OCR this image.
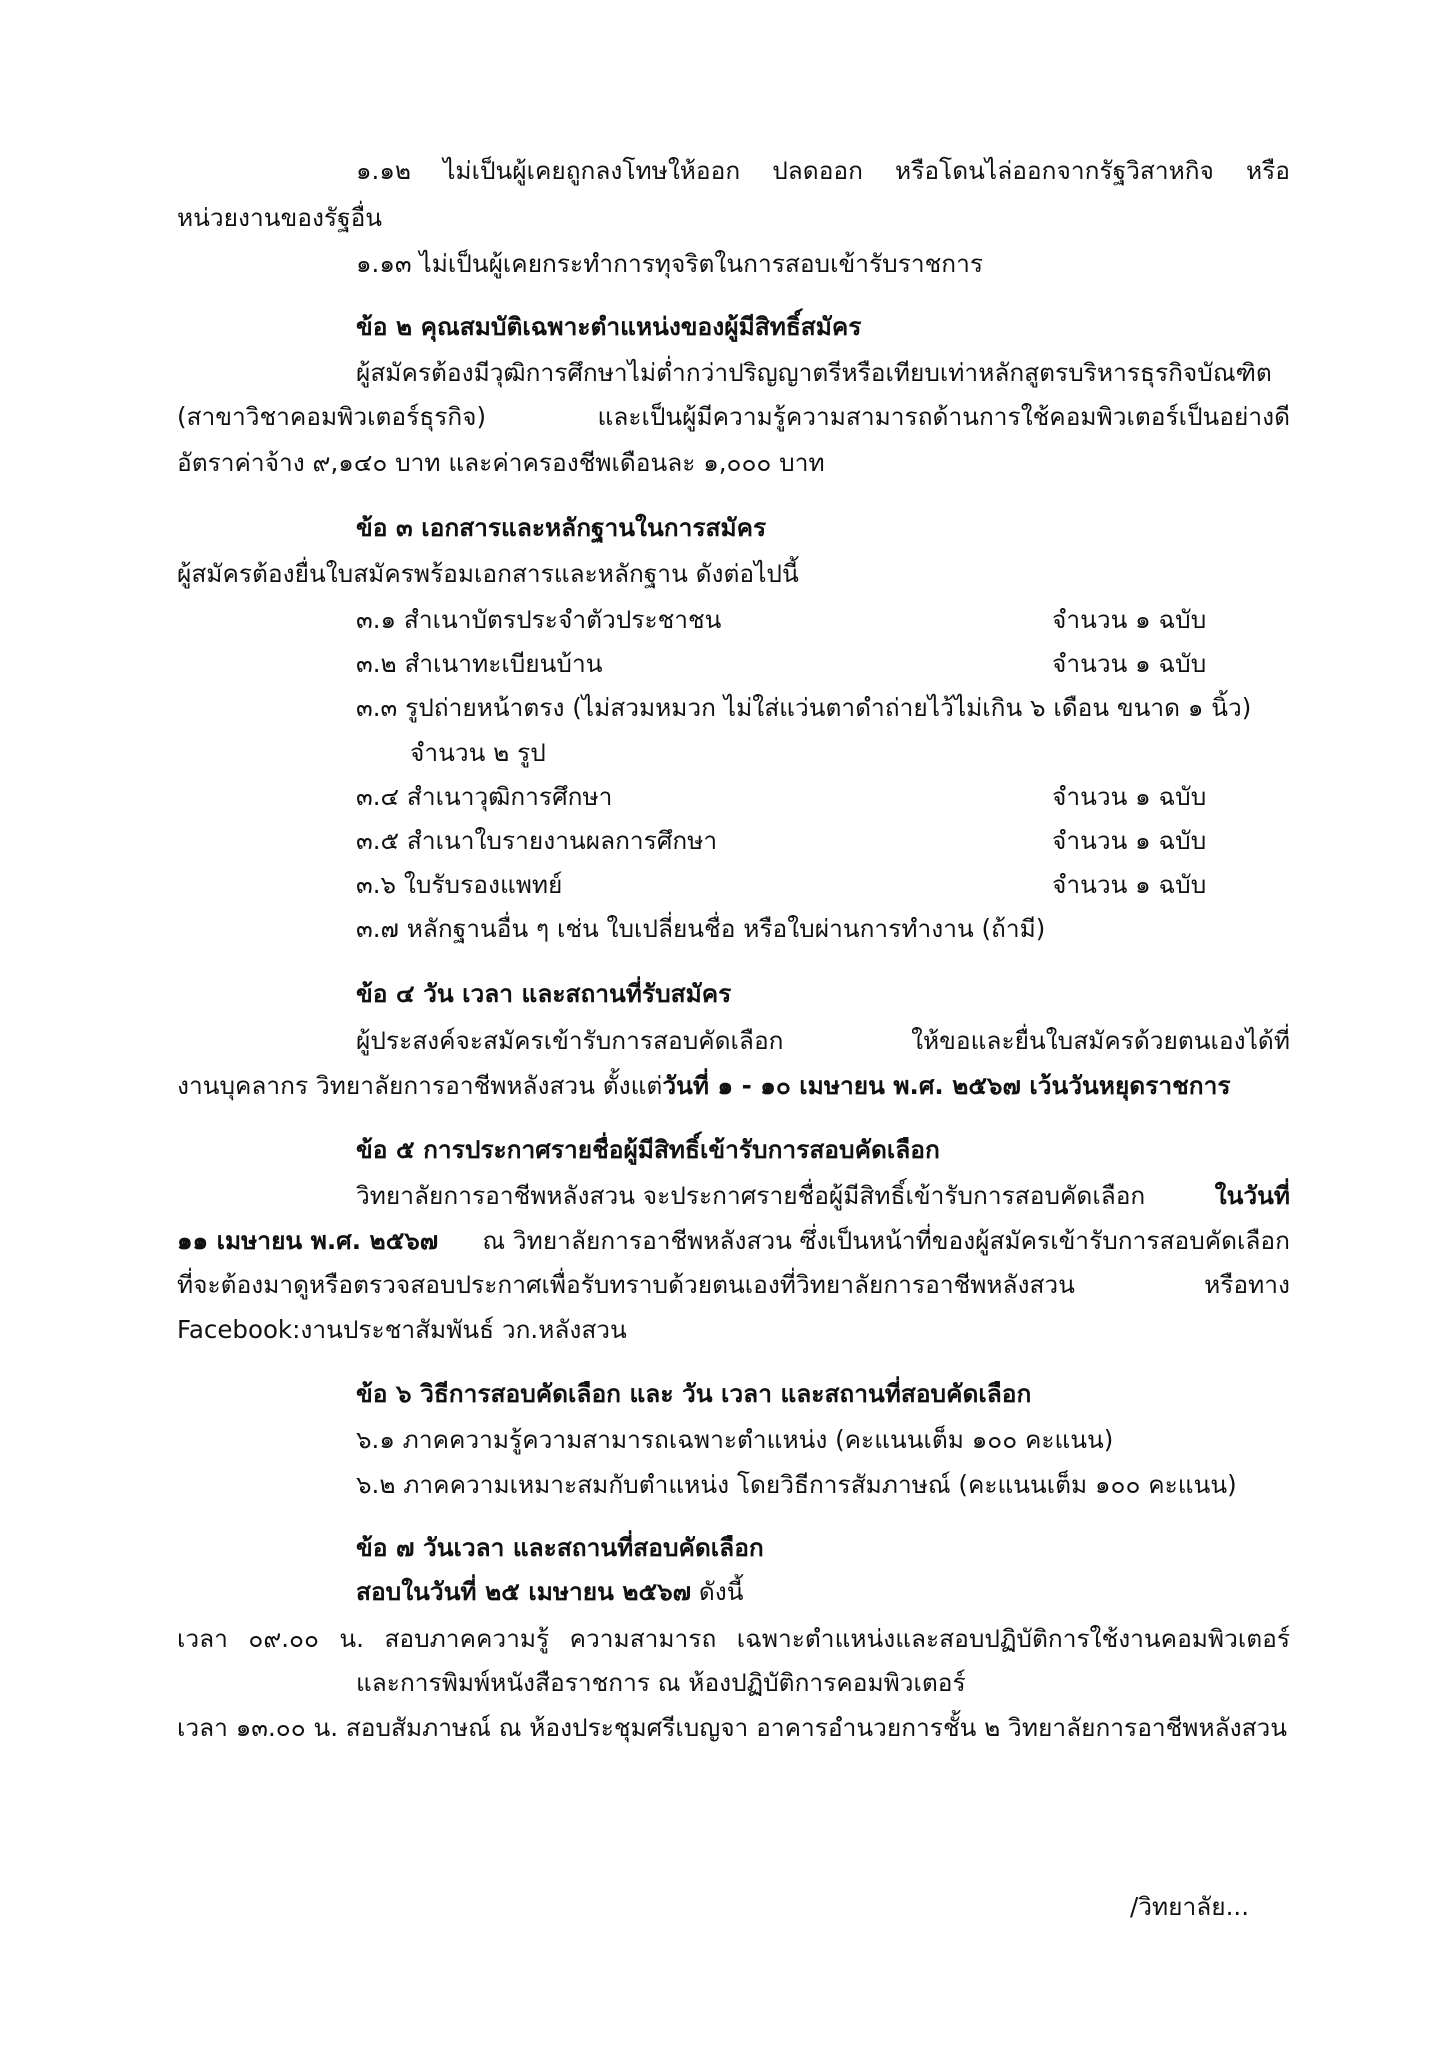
๑.๑๒ ไม่เป็นผู้เคยถูกลงโทษให้ออก ปลดออก หรือโดนไล่ออกจากรัฐวิสาหกิจ หรือ
หน่วยงานของรัฐอื่น
๑.๑๓ ไม่เป็นผู้เคยกระทำการทุจริตในการสอบเข้ารับราชการ
ข้อ ๒ คุณสมบัติเฉพาะตำแหน่งของผู้มีสิทธิ์สมัคร
ผู้สมัครต้องมีวุฒิการศึกษาไม่ต่ำกว่าปริญญาตรีหรือเทียบเท่าหลักสูตรบริหารธุรกิจบัณฑิต
(สาขาวิชาคอมพิวเตอร์ธุรกิจ) และเป็นผู้มีความรู้ความสามารถด้านการใช้คอมพิวเตอร์เป็นอย่างดี
อัตราค่าจ้าง ๙,๑๔๐ บาท และค่าครองชีพเดือนละ ๑,๐๐๐ บาท
ข้อ ๓ เอกสารและหลักฐานในการสมัคร
ผู้สมัครต้องยื่นใบสมัครพร้อมเอกสารและหลักฐาน ดังต่อไปนี้
๓.๑ สำเนาบัตรประจำตัวประชาชน	จำนวน ๑ ฉบับ
๓.๒ สำเนาทะเบียนบ้าน	จำนวน ๑ ฉบับ
๓.๓ รูปถ่ายหน้าตรง (ไม่สวมหมวก ไม่ใส่แว่นตาดำถ่ายไว้ไม่เกิน ๖ เดือน ขนาด ๑ นิ้ว)
จำนวน ๒ รูป
๓.๔ สำเนาวุฒิการศึกษา	จำนวน ๑ ฉบับ
๓.๕ สำเนาใบรายงานผลการศึกษา	จำนวน ๑ ฉบับ
๓.๖ ใบรับรองแพทย์	จำนวน ๑ ฉบับ
๓.๗ หลักฐานอื่น ๆ เช่น ใบเปลี่ยนชื่อ หรือใบผ่านการทำงาน (ถ้ามี)
ข้อ ๔ วัน เวลา และสถานที่รับสมัคร
ผู้ประสงค์จะสมัครเข้ารับการสอบคัดเลือก ให้ขอและยื่นใบสมัครด้วยตนเองได้ที่
งานบุคลากร วิทยาลัยการอาชีพหลังสวน ตั้งแต่วันที่ ๑ - ๑๐ เมษายน พ.ศ. ๒๕๖๗ เว้นวันหยุดราชการ
ข้อ ๕ การประกาศรายชื่อผู้มีสิทธิ์เข้ารับการสอบคัดเลือก
วิทยาลัยการอาชีพหลังสวน จะประกาศรายชื่อผู้มีสิทธิ์เข้ารับการสอบคัดเลือก	ในวันที่
๑๑ เมษายน พ.ศ. ๒๕๖๗ ณ วิทยาลัยการอาชีพหลังสวน ซึ่งเป็นหน้าที่ของผู้สมัครเข้ารับการสอบคัดเลือก
ที่จะต้องมาดูหรือตรวจสอบประกาศเพื่อรับทราบด้วยตนเองที่วิทยาลัยการอาชีพหลังสวน หรือทาง
Facebook:งานประชาสัมพันธ์ วก.หลังสวน
ข้อ ๖ วิธีการสอบคัดเลือก และ วัน เวลา และสถานที่สอบคัดเลือก
๖.๑ ภาคความรู้ความสามารถเฉพาะตำแหน่ง (คะแนนเต็ม ๑๐๐ คะแนน)
๖.๒ ภาคความเหมาะสมกับตำแหน่ง โดยวิธีการสัมภาษณ์ (คะแนนเต็ม ๑๐๐ คะแนน)
ข้อ ๗ วันเวลา และสถานที่สอบคัดเลือก
สอบในวันที่ ๒๕ เมษายน ๒๕๖๗ ดังนี้
เวลา ๐๙.๐๐ น. สอบภาคความรู้ ความสามารถ เฉพาะตำแหน่งและสอบปฏิบัติการใช้งานคอมพิวเตอร์
และการพิมพ์หนังสือราชการ ณ ห้องปฏิบัติการคอมพิวเตอร์
เวลา ๑๓.๐๐ น. สอบสัมภาษณ์ ณ ห้องประชุมศรีเบญจา อาคารอำนวยการชั้น ๒ วิทยาลัยการอาชีพหลังสวน
/วิทยาลัย...
